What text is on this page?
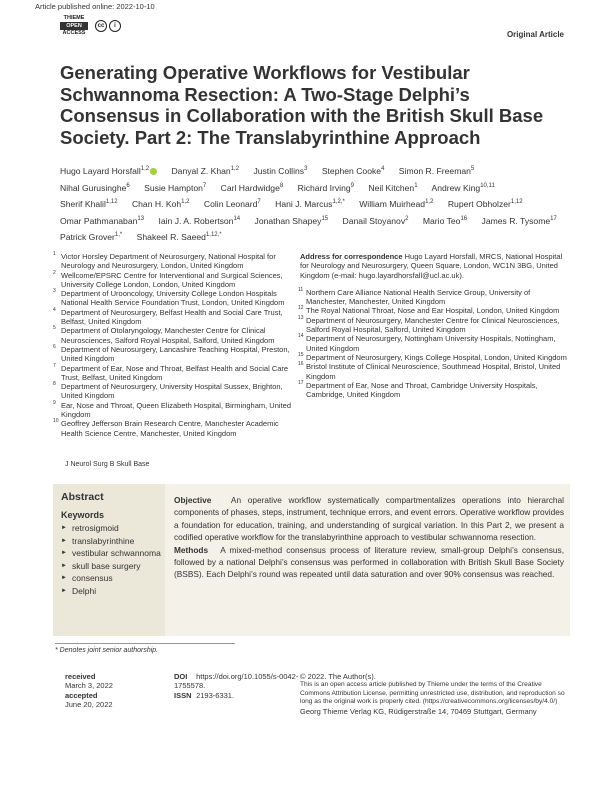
Article published online: 2022-10-10
THIEME
OPEN
ACCESS
cc	i
Original Article
Generating Operative Workflows for Vestibular Schwannoma Resection: A Two-Stage Delphi’s Consensus in Collaboration with the British Skull Base Society. Part 2: The Translabyrinthine Approach
Hugo Layard Horsfall$^{1,2}$	Danyal Z. Khan$^{1,2}$ Justin Collins$^3$ Stephen Cooke$^4$ Simon R. Freeman$^5$ Nihal Gurusinghe$^6$ Susie Hampton$^7$ Carl Hardwidge$^8$ Richard Irving$^9$ Neil Kitchen$^1$ Andrew King$^{10,11}$ Sherif Khalil$^{1,12}$ Chan H. Koh$^{1,2}$ Colin Leonard$^7$ Hani J. Marcus$^{1,2,*}$ William Muirhead$^{1,2}$ Rupert Obholzer$^{1,12}$ Omar Pathmanaban$^{13}$ Iain J. A. Robertson$^{14}$ Jonathan Shapey$^{15}$ Danail Stoyanov$^2$ Mario Teo$^{16}$ James R. Tysome$^{17}$ Patrick Grover$^{1,*}$ Shakeel R. Saeed$^{1,12,*}$
1 Victor Horsley Department of Neurosurgery, National Hospital for Neurology and Neurosurgery, London, United Kingdom
2 Wellcome/EPSRC Centre for Interventional and Surgical Sciences, University College London, London, United Kingdom
3 Department of Urooncology, University College London Hospitals National Health Service Foundation Trust, London, United Kingdom
4 Department of Neurosurgery, Belfast Health and Social Care Trust, Belfast, United Kingdom
5 Department of Otolaryngology, Manchester Centre for Clinical Neurosciences, Salford Royal Hospital, Salford, United Kingdom
6 Department of Neurosurgery, Lancashire Teaching Hospital, Preston, United Kingdom
7 Department of Ear, Nose and Throat, Belfast Health and Social Care Trust, Belfast, United Kingdom
8 Department of Neurosurgery, University Hospital Sussex, Brighton, United Kingdom
9 Ear, Nose and Throat, Queen Elizabeth Hospital, Birmingham, United Kingdom
10 Geoffrey Jefferson Brain Research Centre, Manchester Academic Health Science Centre, Manchester, United Kingdom
Address for correspondence Hugo Layard Horsfall, MRCS, National Hospital for Neurology and Neurosurgery, Queen Square, London, WC1N 3BG, United Kingdom (e-mail: hugo.layardhorsfall@ucl.ac.uk).
11 Northern Care Alliance National Health Service Group, University of Manchester, Manchester, United Kingdom
12 The Royal National Throat, Nose and Ear Hospital, London, United Kingdom
13 Department of Neurosurgery, Manchester Centre for Clinical Neurosciences, Salford Royal Hospital, Salford, United Kingdom
14 Department of Neurosurgery, Nottingham University Hospitals, Nottingham, United Kingdom
15 Department of Neurosurgery, Kings College Hospital, London, United Kingdom
16 Bristol Institute of Clinical Neuroscience, Southmead Hospital, Bristol, United Kingdom
17 Department of Ear, Nose and Throat, Cambridge University Hospitals, Cambridge, United Kingdom
J Neurol Surg B Skull Base
Abstract
Keywords
► retrosigmoid
► translabyrinthine
► vestibular schwannoma
► skull base surgery
► consensus
► Delphi

Objective An operative workflow systematically compartmentalizes operations into hierarchal components of phases, steps, instrument, technique errors, and event errors. Operative workflow provides a foundation for education, training, and understanding of surgical variation. In this Part 2, we present a codified operative workflow for the translabyrinthine approach to vestibular schwannoma resection.

Methods A mixed-method consensus process of literature review, small-group Delphi’s consensus, followed by a national Delphi’s consensus was performed in collaboration with British Skull Base Society (BSBS). Each Delphi’s round was repeated until data saturation and over 90% consensus was reached.

* Denotes joint senior authorship.
received
March 3, 2022
accepted
June 20, 2022
DOI https://doi.org/10.1055/s-0042-1755578.
ISSN 2193-6331.
© 2022. The Author(s).
This is an open access article published by Thieme under the terms of the Creative Commons Attribution License, permitting unrestricted use, distribution, and reproduction so long as the original work is properly cited. (https://creativecommons.org/licenses/by/4.0/)
Georg Thieme Verlag KG, Rüdigerstraße 14, 70469 Stuttgart, Germany
